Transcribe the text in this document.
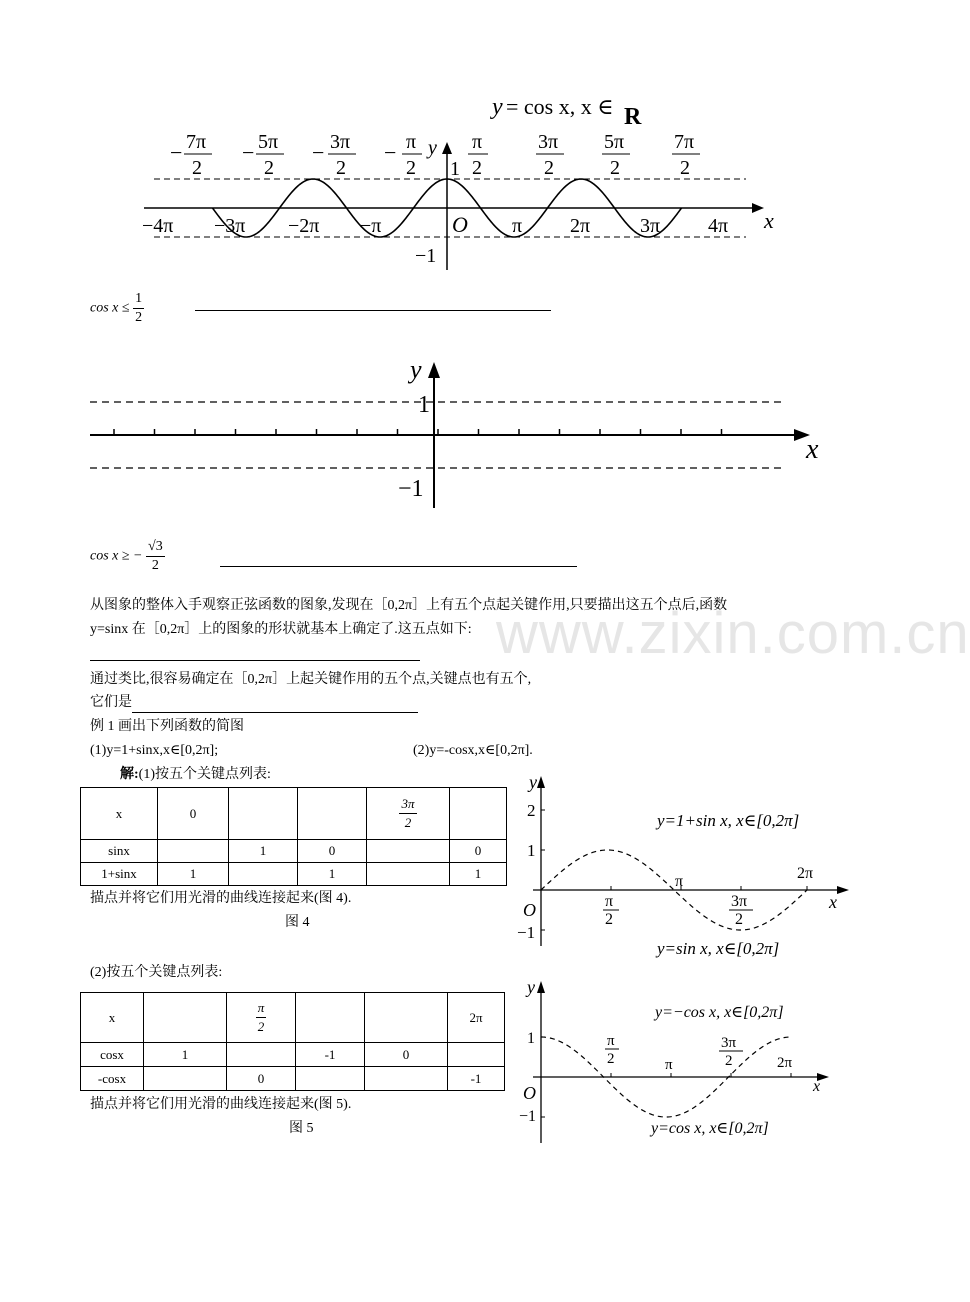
www.zixin.com.cn
y = cos x, x ∈ R
− 7π
2
− 5π
2
− 3π
2
− π
2
π
2
3π
2
5π
2
7π
2
y
x
1
−1
O
−4π −3π −2π −π	π 2π 3π 4π
$\cos x \le \frac{1}{2}$
y
x
1
−1
cos x ≥ − $\frac{√3}{2}$
从图象的整体入手观察正弦函数的图象,发现在［0,2π］上有五个点起关键作用,只要描出这五个点后,函数
y=sinx 在［0,2π］上的图象的形状就基本上确定了.这五点如下:
通过类比,很容易确定在［0,2π］上起关键作用的五个点,关键点也有五个,
它们是
例 1 画出下列函数的简图
(1)y=1+sinx,x∈[0,2π];	(2)y=-cosx,x∈[0,2π].
解:(1)按五个关键点列表:
x	0			$\frac{3\pi}{2}$

sinx		1	0		0
1+sinx	1		1		1
描点并将它们用光滑的曲线连接起来(图 4).
图 4
(2)按五个关键点列表:
x		$\frac{\pi}{2}$			2π
cosx	1		-1	0	
-cosx		0			-1
描点并将它们用光滑的曲线连接起来(图 5).
图 5
y
x
O
2
1
−1
π
2
π
3π
2
2π
y=1+sin x, x∈[0,2π]
y=sin x, x∈[0,2π]
y
x
O
1
−1
π
2	π
3π
2	2π
y=−cos x, x∈[0,2π]
y=cos x, x∈[0,2π]
